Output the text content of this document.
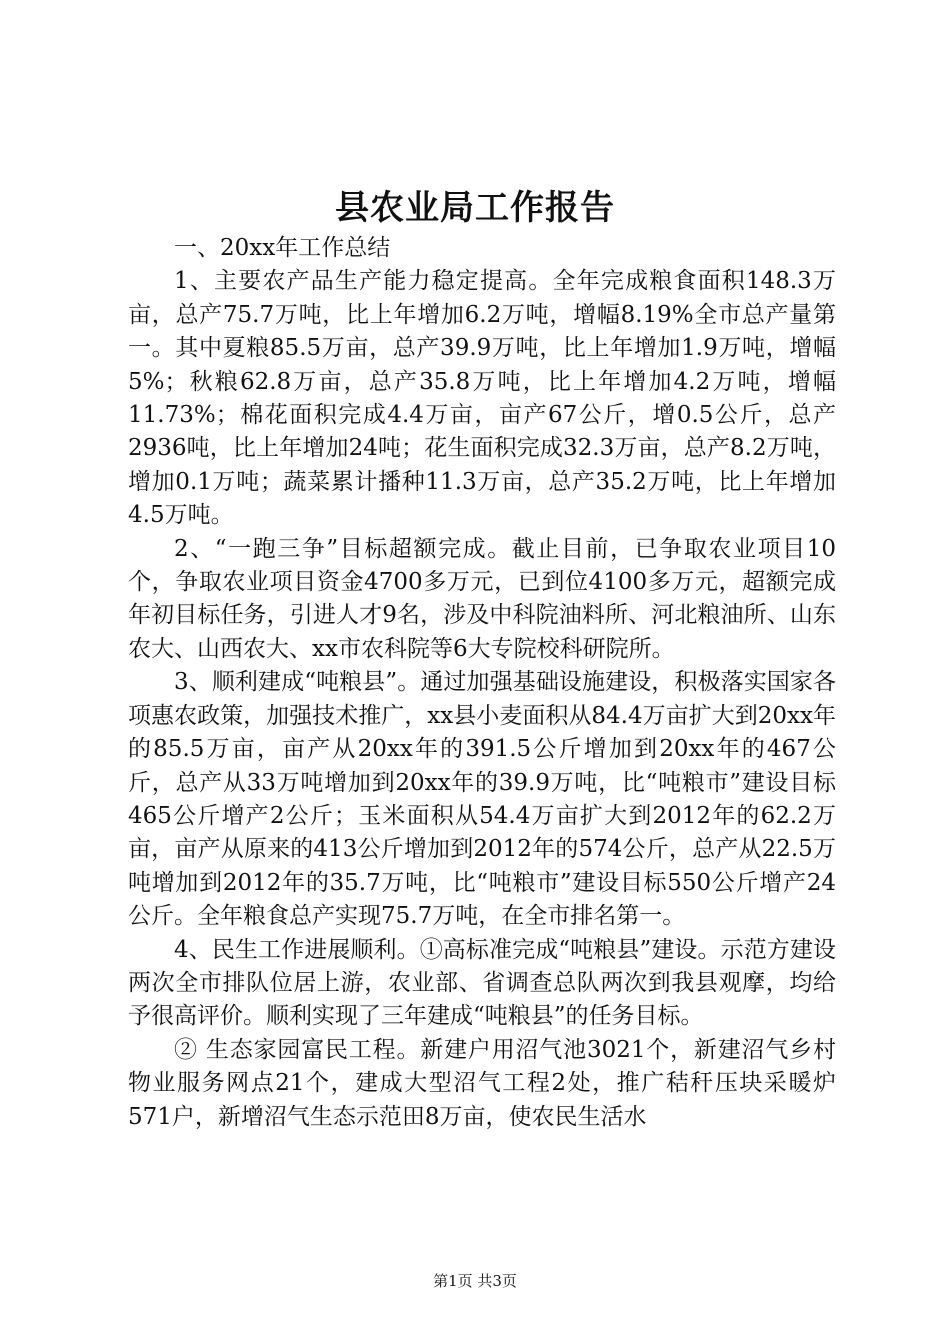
县农业局工作报告

一、20xx年工作总结

1、主要农产品生产能力稳定提高。全年完成粮食面积148.3万亩，总产75.7万吨，比上年增加6.2万吨，增幅8.19%全市总产量第一。其中夏粮85.5万亩，总产39.9万吨，比上年增加1.9万吨，增幅5%；秋粮62.8万亩，总产35.8万吨，比上年增加4.2万吨，增幅11.73%；棉花面积完成4.4万亩，亩产67公斤，增0.5公斤，总产2936吨，比上年增加24吨；花生面积完成32.3万亩，总产8.2万吨，增加0.1万吨；蔬菜累计播种11.3万亩，总产35.2万吨，比上年增加4.5万吨。

2、“一跑三争”目标超额完成。截止目前，已争取农业项目10个，争取农业项目资金4700多万元，已到位4100多万元，超额完成年初目标任务，引进人才9名，涉及中科院油料所、河北粮油所、山东农大、山西农大、xx市农科院等6大专院校科研院所。

3、顺利建成“吨粮县”。通过加强基础设施建设，积极落实国家各项惠农政策，加强技术推广，xx县小麦面积从84.4万亩扩大到20xx年的85.5万亩，亩产从20xx年的391.5公斤增加到20xx年的467公斤，总产从33万吨增加到20xx年的39.9万吨，比“吨粮市”建设目标465公斤增产2公斤；玉米面积从54.4万亩扩大到2012年的62.2万亩，亩产从原来的413公斤增加到2012年的574公斤，总产从22.5万吨增加到2012年的35.7万吨，比“吨粮市”建设目标550公斤增产24公斤。全年粮食总产实现75.7万吨，在全市排名第一。

4、民生工作进展顺利。①高标准完成“吨粮县”建设。示范方建设两次全市排队位居上游，农业部、省调查总队两次到我县观摩，均给予很高评价。顺利实现了三年建成“吨粮县”的任务目标。

② 生态家园富民工程。新建户用沼气池3021个，新建沼气乡村物业服务网点21个，建成大型沼气工程2处，推广秸秆压块采暖炉571户，新增沼气生态示范田8万亩，使农民生活水

第1页 共3页
